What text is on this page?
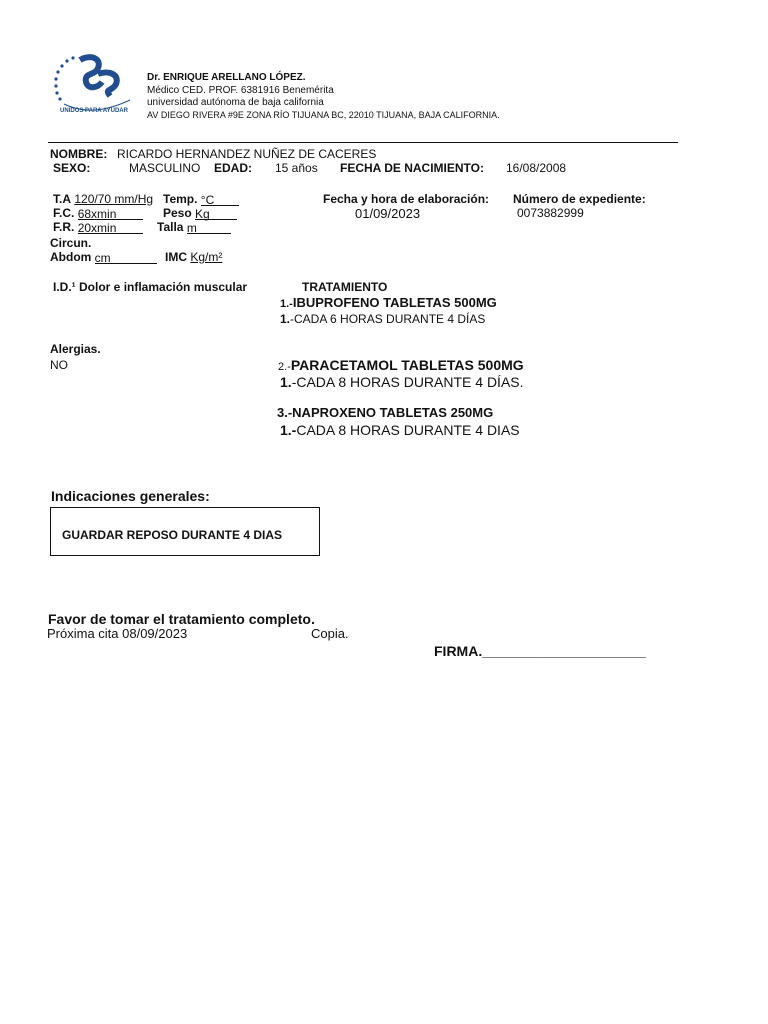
UNIDOS PARA AYUDAR
Dr. ENRIQUE ARELLANO LÓPEZ.
Médico CED. PROF. 6381916 Benemérita
universidad autónoma de baja california
AV DIEGO RIVERA #9E ZONA RÍO TIJUANA BC, 22010 TIJUANA, BAJA CALIFORNIA.
NOMBRE: RICARDO HERNANDEZ NUÑEZ DE CACERES
SEXO:	MASCULINO EDAD: 15 años FECHA DE NACIMIENTO: 16/08/2008
T.A 120/70 mm/Hg Temp. °C
F.C. 68xmin	Peso Kg
F.R. 20xmin	Talla m
Circun.
Abdom cm	IMC Kg/m²
Fecha y hora de elaboración:
01/09/2023
Número de expediente:
0073882999
I.D.¹ Dolor e inflamación muscular	TRATAMIENTO
1.-IBUPROFENO TABLETAS 500MG
1.-CADA 6 HORAS DURANTE 4 DÍAS
2.-PARACETAMOL TABLETAS 500MG
1.-CADA 8 HORAS DURANTE 4 DÍAS.
3.-NAPROXENO TABLETAS 250MG
1.-CADA 8 HORAS DURANTE 4 DIAS
Alergias.
NO
Indicaciones generales:
GUARDAR REPOSO DURANTE 4 DIAS
Favor de tomar el tratamiento completo.
Próxima cita 08/09/2023	Copia.
FIRMA._____________________
